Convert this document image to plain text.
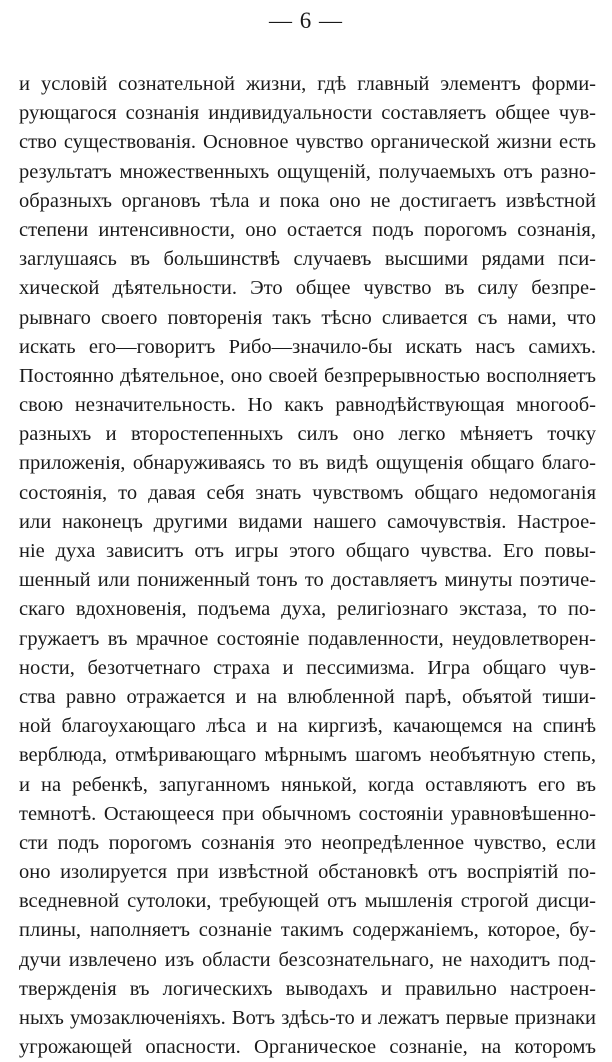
— 6 —
и условій сознательной жизни, гдѣ главный элементъ форми-
рующагося сознанія индивидуальности составляетъ общее чув-
ство существованія. Основное чувство органической жизни есть
результатъ множественныхъ ощущеній, получаемыхъ отъ разно-
образныхъ органовъ тѣла и пока оно не достигаетъ извѣстной
степени интенсивности, оно остается подъ порогомъ сознанія,
заглушаясь въ большинствѣ случаевъ высшими рядами пси-
хической дѣятельности. Это общее чувство въ силу безпре-
рывнаго своего повторенія такъ тѣсно сливается съ нами, что
искать его—говоритъ Рибо—значило-бы искать насъ самихъ.
Постоянно дѣятельное, оно своей безпрерывностью восполняетъ
свою незначительность. Но какъ равнодѣйствующая многооб-
разныхъ и второстепенныхъ силъ оно легко мѣняетъ точку
приложенія, обнаруживаясь то въ видѣ ощущенія общаго благо-
состоянія, то давая себя знать чувствомъ общаго недомоганія
или наконецъ другими видами нашего самочувствія. Настрое-
ніе духа зависитъ отъ игры этого общаго чувства. Его повы-
шенный или пониженный тонъ то доставляетъ минуты поэтиче-
скаго вдохновенія, подъема духа, религіознаго экстаза, то по-
гружаетъ въ мрачное состояніе подавленности, неудовлетворен-
ности, безотчетнаго страха и пессимизма. Игра общаго чув-
ства равно отражается и на влюбленной парѣ, объятой тиши-
ной благоухающаго лѣса и на киргизѣ, качающемся на спинѣ
верблюда, отмѣривающаго мѣрнымъ шагомъ необъятную степь,
и на ребенкѣ, запуганномъ нянькой, когда оставляютъ его въ
темнотѣ. Остающееся при обычномъ состояніи уравновѣшенно-
сти подъ порогомъ сознанія это неопредѣленное чувство, если
оно изолируется при извѣстной обстановкѣ отъ воспріятій по-
вседневной сутолоки, требующей отъ мышленія строгой дисци-
плины, наполняетъ сознаніе такимъ содержаніемъ, которое, бу-
дучи извлечено изъ области безсознательнаго, не находитъ под-
твержденія въ логическихъ выводахъ и правильно настроен-
ныхъ умозаключеніяхъ. Вотъ здѣсь-то и лежатъ первые признаки
угрожающей опасности. Органическое сознаніе, на которомъ
